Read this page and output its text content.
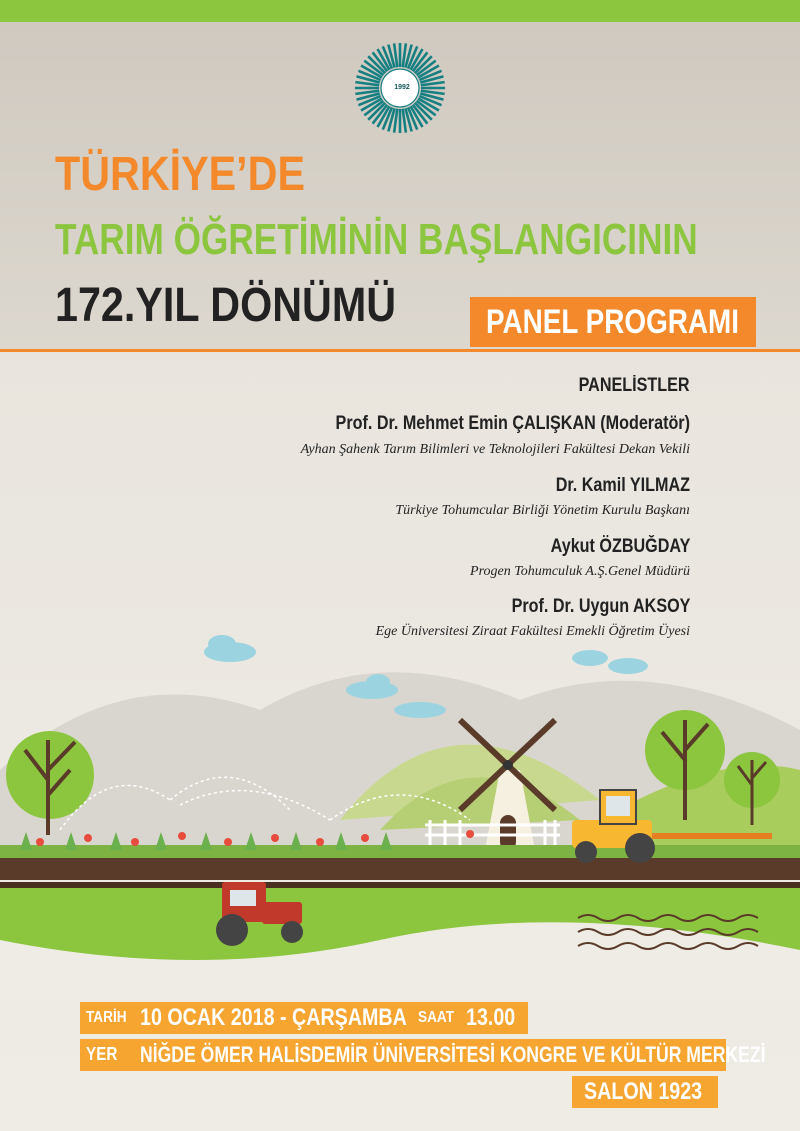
1992
TÜRKİYE’DE
TARIM ÖĞRETİMİNİN BAŞLANGICININ
172.YIL DÖNÜMÜ	PANEL PROGRAMI
PANELİSTLER
Prof. Dr. Mehmet Emin ÇALIŞKAN (Moderatör)
Ayhan Şahenk Tarım Bilimleri ve Teknolojileri Fakültesi Dekan Vekili
Dr. Kamil YILMAZ
Türkiye Tohumcular Birliği Yönetim Kurulu Başkanı
Aykut ÖZBUĞDAY
Progen Tohumculuk A.Ş.Genel Müdürü
Prof. Dr. Uygun AKSOY
Ege Üniversitesi Ziraat Fakültesi Emekli Öğretim Üyesi
TARİH 10 OCAK 2018 - ÇARŞAMBA SAAT 13.00
YER NİĞDE ÖMER HALİSDEMİR ÜNİVERSİTESİ KONGRE VE KÜLTÜR MERKEZİ
SALON 1923
